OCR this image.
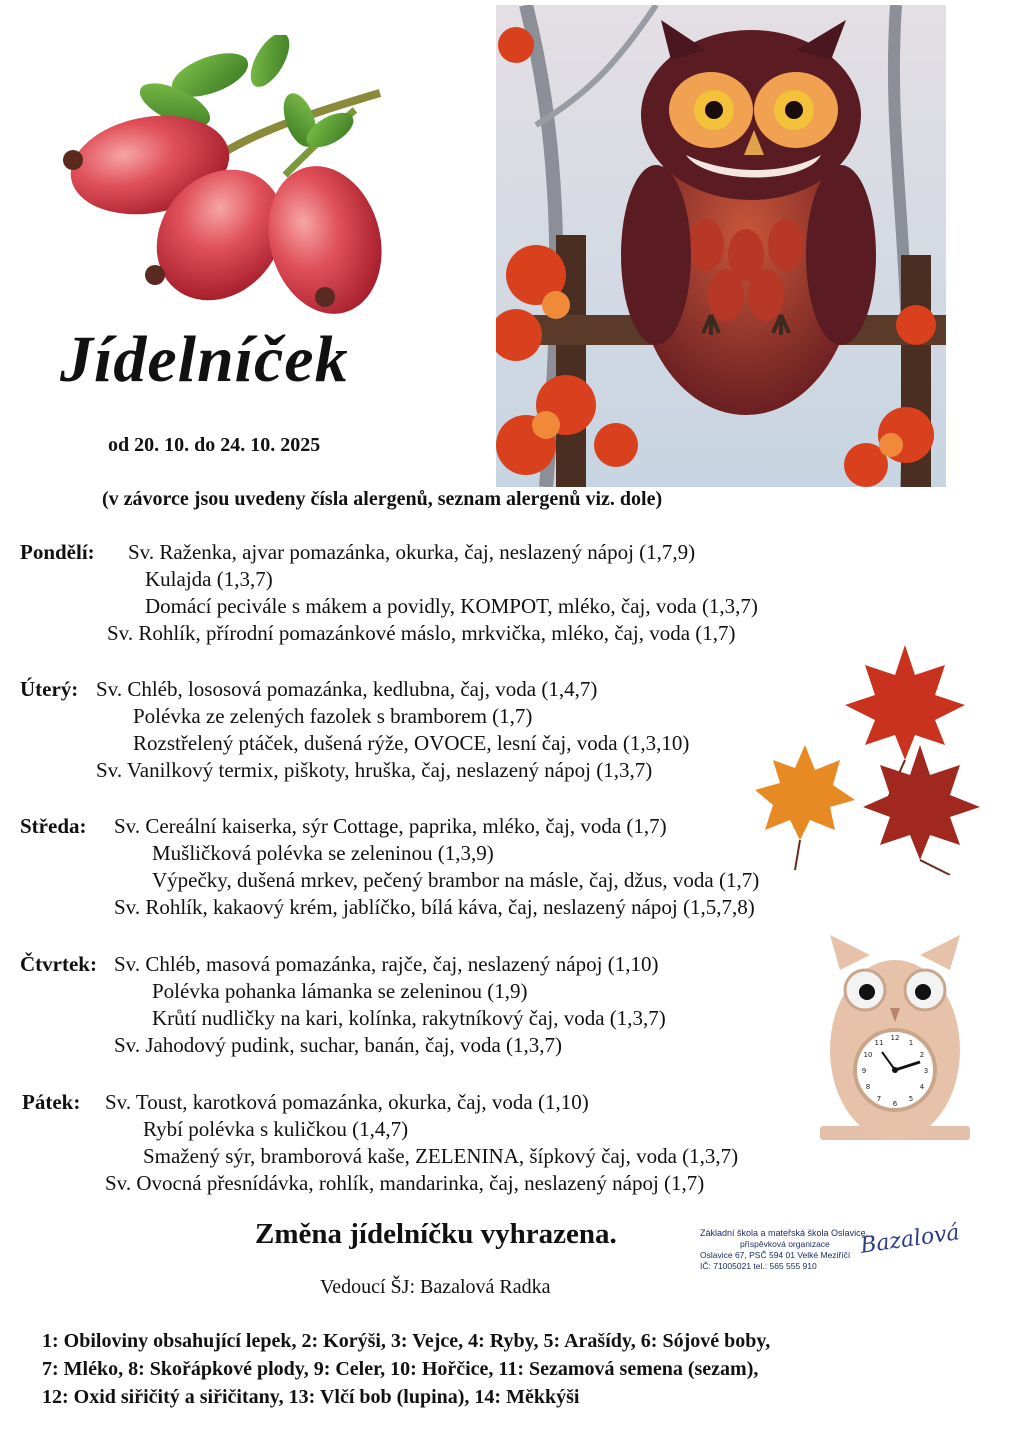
Jídelníček
od 20. 10. do 24. 10. 2025
(v závorce jsou uvedeny čísla alergenů, seznam alergenů viz. dole)
Pondělí: Sv. Raženka, ajvar pomazánka, okurka, čaj, neslazený nápoj (1,7,9)
Kulajda (1,3,7)
Domácí peciválе s mákem a povidly, KOMPOT, mléko, čaj, voda (1,3,7)
Sv. Rohlík, přírodní pomazánkové máslo, mrkvička, mléko, čaj, voda (1,7)
Úterý: Sv. Chléb, lososová pomazánka, kedlubna, čaj, voda (1,4,7)
Polévka ze zelených fazolek s bramborem (1,7)
Rozstřelený ptáček, dušená rýže, OVOCE, lesní čaj, voda (1,3,10)
Sv. Vanilkový termix, piškoty, hruška, čaj, neslazený nápoj (1,3,7)
Středa: Sv. Cereální kaiserka, sýr Cottage, paprika, mléko, čaj, voda (1,7)
Mušličková polévka se zeleninou (1,3,9)
Výpečky, dušená mrkev, pečený brambor na másle, čaj, džus, voda (1,7)
Sv. Rohlík, kakaový krém, jablíčko, bílá káva, čaj, neslazený nápoj (1,5,7,8)
Čtvrtek: Sv. Chléb, masová pomazánka, rajče, čaj, neslazený nápoj (1,10)
Polévka pohanka lámanka se zeleninou (1,9)
Krůtí nudličky na kari, kolínka, rakytníkový čaj, voda (1,3,7)
Sv. Jahodový pudink, suchar, banán, čaj, voda (1,3,7)
Pátek: Sv. Toust, karotková pomazánka, okurka, čaj, voda (1,10)
Rybí polévka s kuličkou (1,4,7)
Smažený sýr, bramborová kaše, ZELENINA, šípkový čaj, voda (1,3,7)
Sv. Ovocná přesnídávka, rohlík, mandarinka, čaj, neslazený nápoj (1,7)
12
1
2
3
4
5
6
7
8
9
10
11
Změna jídelníčku vyhrazena.
Vedoucí ŠJ: Bazalová Radka
Základní škola a mateřská škola Oslavice,
příspěvková organizace
Oslavice 67, PSČ 594 01 Velké Meziříčí
IČ: 71005021 tel.: 565 555 910
Bazalová
1: Obiloviny obsahující lepek, 2: Korýši, 3: Vejce, 4: Ryby, 5: Arašídy, 6: Sójové boby,
7: Mléko, 8: Skořápkové plody, 9: Celer, 10: Hořčice, 11: Sezamová semena (sezam),
12: Oxid siřičitý a siřičitany, 13: Vlčí bob (lupina), 14: Měkkýši
